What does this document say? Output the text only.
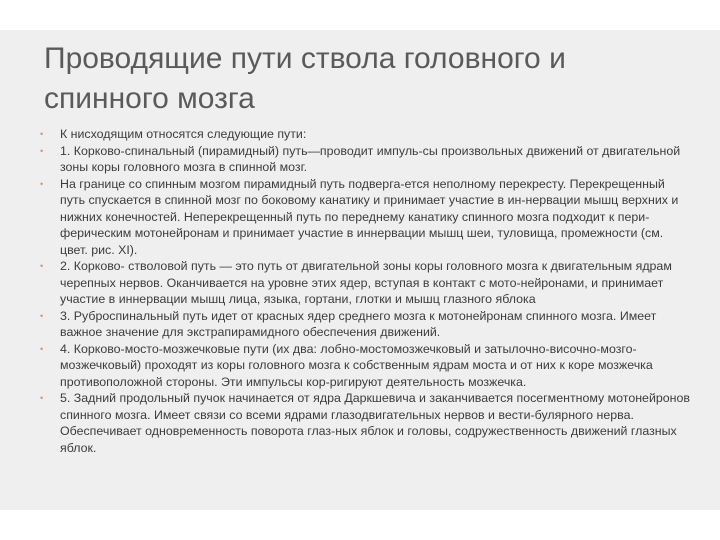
Проводящие пути ствола головного и спинного мозга
•	К нисходящим относятся следующие пути:
•	1. Корково-спинальный (пирамидный) путь—проводит импуль-сы произвольных движений от двигательной зоны коры головного мозга в спинной мозг.
•	На границе со спинным мозгом пирамидный путь подверга-ется неполному перекресту. Перекрещенный путь спускается в спинной мозг по боковому канатику и принимает участие в ин-нервации мышц верхних и нижних конечностей. Неперекрещенный путь по переднему канатику спинного мозга подходит к пери-ферическим мотонейронам и принимает участие в иннервации мышц шеи, туловища, промежности (см. цвет. рис. XI).
•	2. Корково- стволовой путь — это путь от двигательной зоны коры головного мозга к двигательным ядрам черепных нервов. Оканчивается на уровне этих ядер, вступая в контакт с мото-нейронами, и принимает участие в иннервации мышц лица, языка, гортани, глотки и мышц глазного яблока
•	3. Руброспинальный путь идет от красных ядер среднего мозга к мотонейронам спинного мозга. Имеет важное значение для экстрапирамидного обеспечения движений.
•	4. Корково-мосто-мозжечковые пути (их два: лобно-мостомозжечковый и затылочно-височно-мозго-мозжечковый) проходят из коры головного мозга к собственным ядрам моста и от них к коре мозжечка противоположной стороны. Эти импульсы кор-ригируют деятельность мозжечка.
•	5. Задний продольный пучок начинается от ядра Даркшевича и заканчивается посегментному мотонейронов спинного мозга. Имеет связи со всеми ядрами глазодвигательных нервов и вести-булярного нерва. Обеспечивает одновременность поворота глаз-ных яблок и головы, содружественность движений глазных яблок.
